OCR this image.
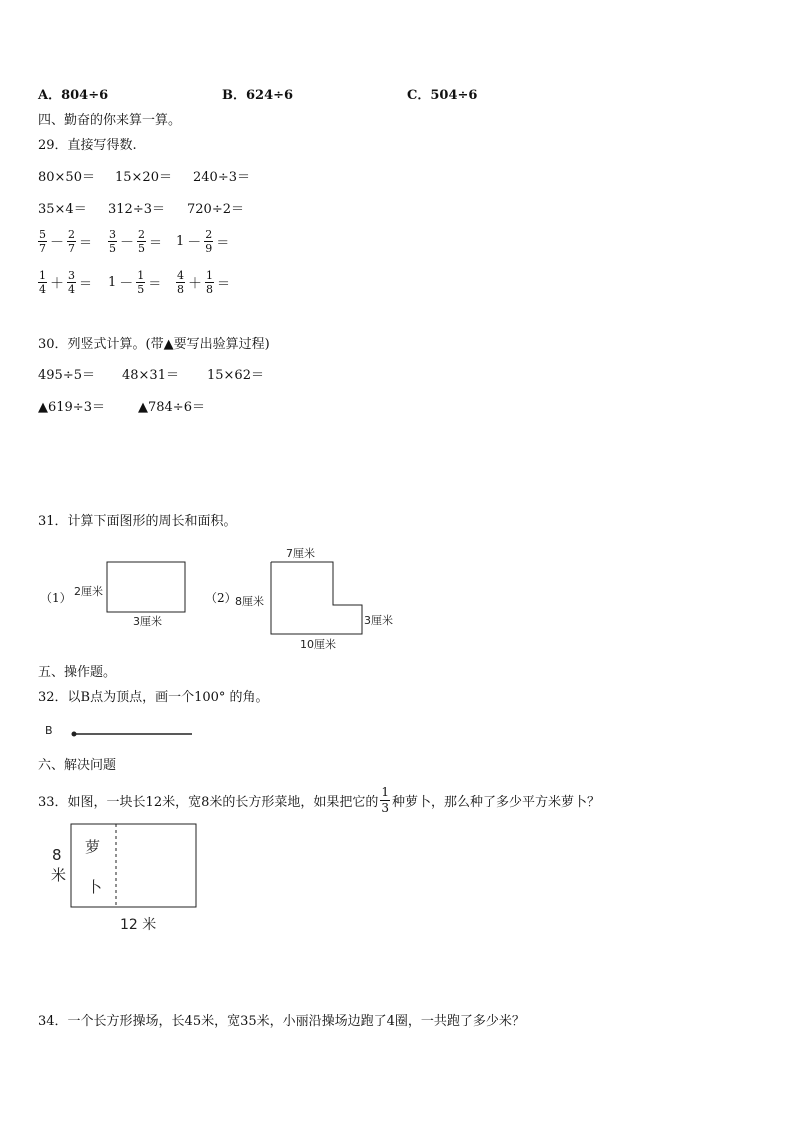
A．804÷6	B．624÷6	C．504÷6
四、勤奋的你来算一算。
29．直接写得数.
80×50＝ 15×20＝ 240÷3＝
35×4＝ 312÷3＝ 720÷2＝
$\frac{5}{7} - \frac{2}{7} = \frac{3}{5} - \frac{2}{5} = 1 - \frac{2}{9}$ ＝
$\frac{1}{4} + \frac{3}{4} = 1 - \frac{1}{5} = \frac{4}{8} + \frac{1}{8}$ ＝
30．列竖式计算。(带▲要写出验算过程)
495÷5＝ 48×31＝ 15×62＝
▲619÷3＝	▲784÷6＝
31．计算下面图形的周长和面积。
（1） 2厘米
3厘米
（2）
7厘米
8厘米
3厘米
10厘米
五、操作题。
32．以B点为顶点，画一个100° 的角。
B
六、解决问题
33．如图，一块长12米，宽8米的长方形菜地，如果把它的 $\frac{1}{3}$ 种萝卜，那么种了多少平方米萝卜？
萝
卜
8
米
12 米
34．一个长方形操场，长45米，宽35米，小丽沿操场边跑了4圈，一共跑了多少米？
